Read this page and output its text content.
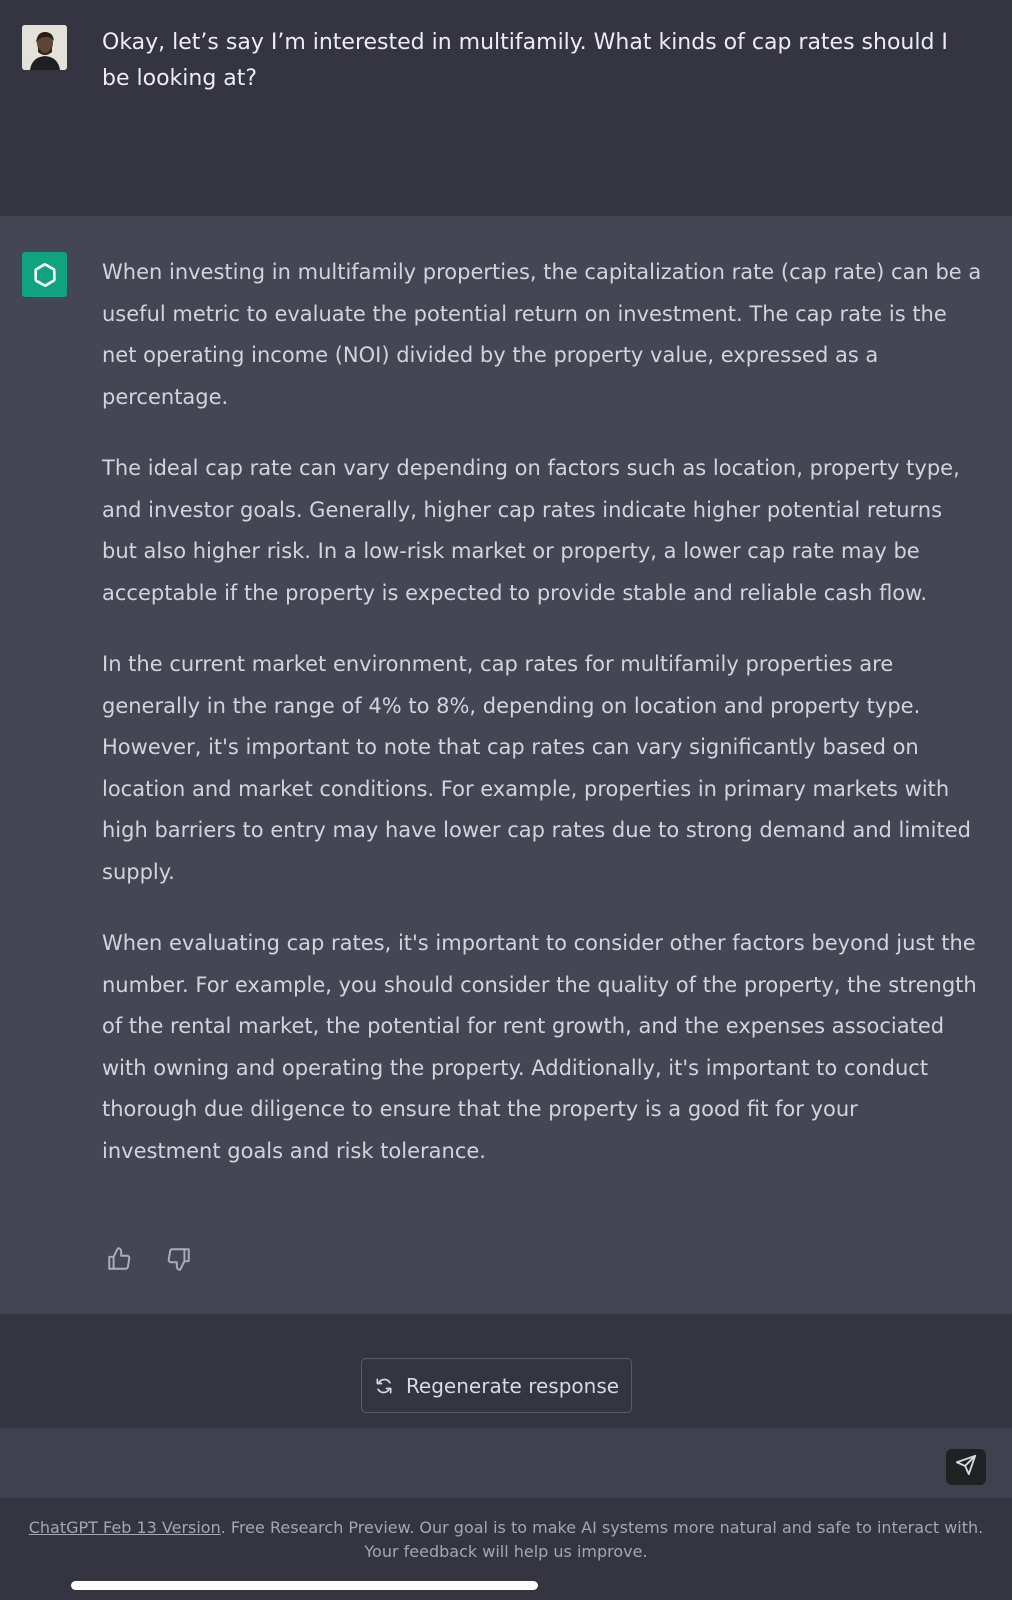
Okay, let’s say I’m interested in multifamily. What kinds of cap rates should I be looking at?

When investing in multifamily properties, the capitalization rate (cap rate) can be a useful metric to evaluate the potential return on investment. The cap rate is the net operating income (NOI) divided by the property value, expressed as a percentage.

The ideal cap rate can vary depending on factors such as location, property type, and investor goals. Generally, higher cap rates indicate higher potential returns but also higher risk. In a low-risk market or property, a lower cap rate may be acceptable if the property is expected to provide stable and reliable cash flow.

In the current market environment, cap rates for multifamily properties are generally in the range of 4% to 8%, depending on location and property type. However, it's important to note that cap rates can vary significantly based on location and market conditions. For example, properties in primary markets with high barriers to entry may have lower cap rates due to strong demand and limited supply.

When evaluating cap rates, it's important to consider other factors beyond just the number. For example, you should consider the quality of the property, the strength of the rental market, the potential for rent growth, and the expenses associated with owning and operating the property. Additionally, it's important to conduct thorough due diligence to ensure that the property is a good fit for your investment goals and risk tolerance.

Regenerate response
ChatGPT Feb 13 Version. Free Research Preview. Our goal is to make AI systems more natural and safe to interact with. Your feedback will help us improve.
